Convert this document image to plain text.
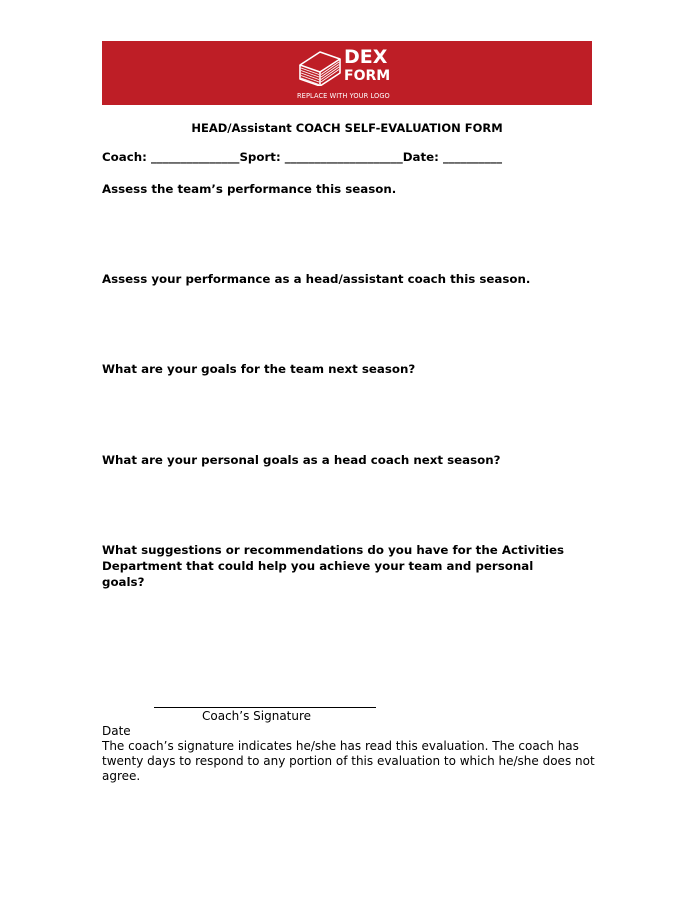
DEX
FORM
REPLACE WITH YOUR LOGO
HEAD/Assistant COACH SELF-EVALUATION FORM
Coach: _______________Sport: ____________________Date: __________
Assess the team’s performance this season.
Assess your performance as a head/assistant coach this season.
What are your goals for the team next season?
What are your personal goals as a head coach next season?
What suggestions or recommendations do you have for the Activities Department that could help you achieve your team and personal goals?
Coach’s Signature
Date
The coach’s signature indicates he/she has read this evaluation. The coach has twenty days to respond to any portion of this evaluation to which he/she does not agree.
